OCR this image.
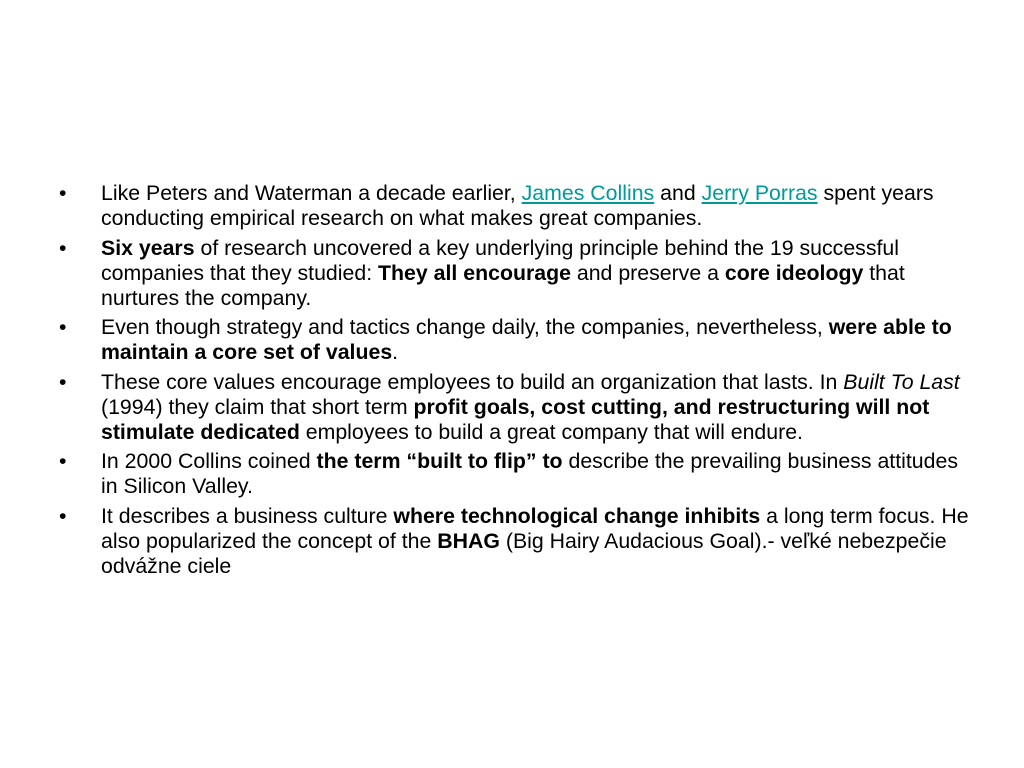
•	Like Peters and Waterman a decade earlier, James Collins and Jerry Porras spent years conducting empirical research on what makes great companies.
•	Six years of research uncovered a key underlying principle behind the 19 successful companies that they studied: They all encourage and preserve a core ideology that nurtures the company.
•	Even though strategy and tactics change daily, the companies, nevertheless, were able to maintain a core set of values.
•	These core values encourage employees to build an organization that lasts. In Built To Last (1994) they claim that short term profit goals, cost cutting, and restructuring will not stimulate dedicated employees to build a great company that will endure.
•	In 2000 Collins coined the term “built to flip” to describe the prevailing business attitudes in Silicon Valley.
•	It describes a business culture where technological change inhibits a long term focus. He also popularized the concept of the BHAG (Big Hairy Audacious Goal).- veľké nebezpečie odvážne ciele
